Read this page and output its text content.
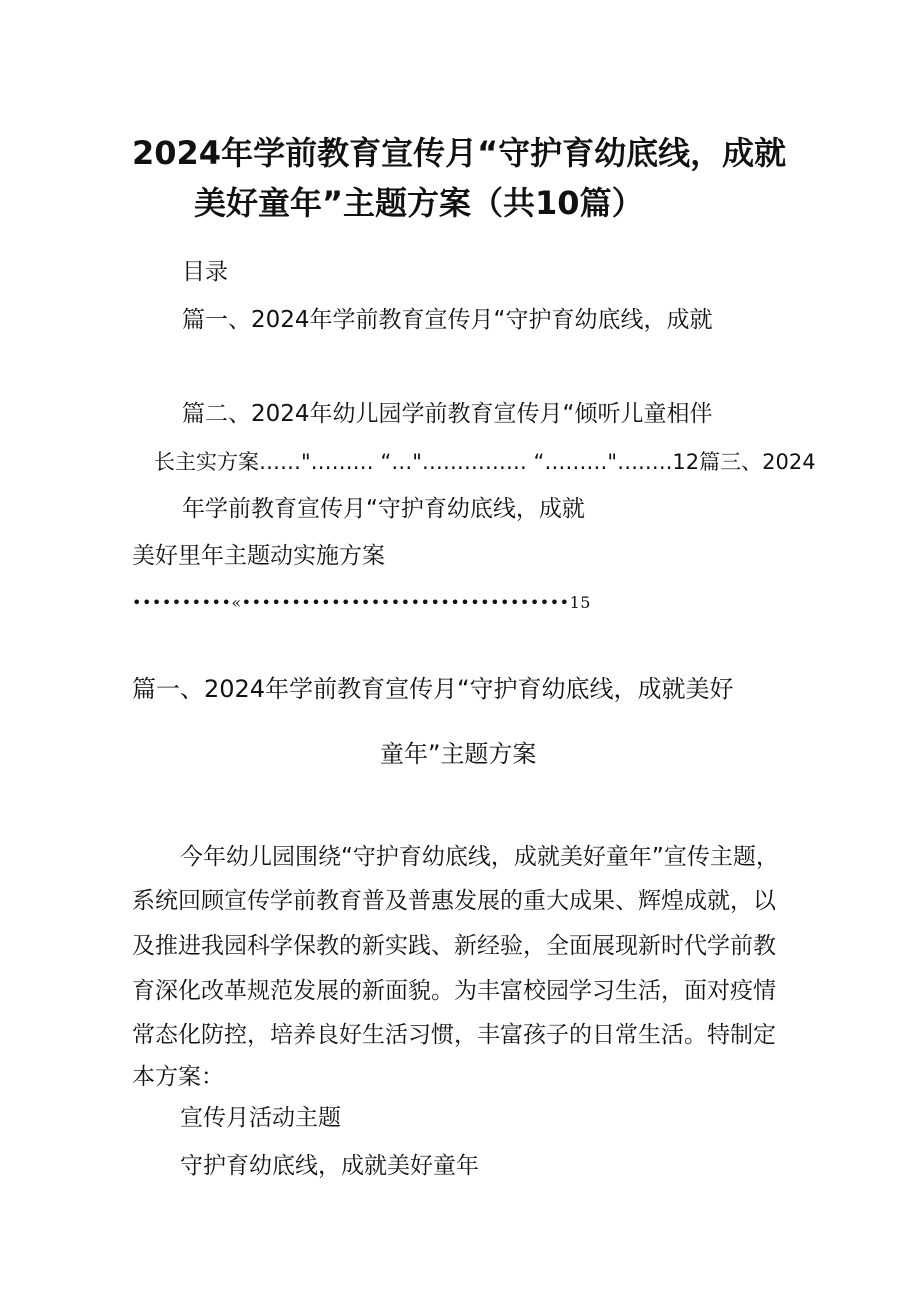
2024年学前教育宣传月“守护育幼底线，成就
美好童年”主题方案（共10篇）
目录
篇一、2024年学前教育宣传月“守护育幼底线，成就
篇二、2024年幼儿园学前教育宣传月“倾听儿童相伴
长主实方案……"……… “…"…………… “………"….….12篇三、2024
年学前教育宣传月“守护育幼底线，成就
美好里年主题动实施方案
••••••••••«•••••••••••••••••••••••••••••••••15
篇一、2024年学前教育宣传月“守护育幼底线，成就美好
童年”主题方案
今年幼儿园围绕“守护育幼底线，成就美好童年”宣传主题，
系统回顾宣传学前教育普及普惠发展的重大成果、辉煌成就，以
及推进我园科学保教的新实践、新经验，全面展现新时代学前教
育深化改革规范发展的新面貌。为丰富校园学习生活，面对疫情
常态化防控，培养良好生活习惯，丰富孩子的日常生活。特制定
本方案：
宣传月活动主题
守护育幼底线，成就美好童年
